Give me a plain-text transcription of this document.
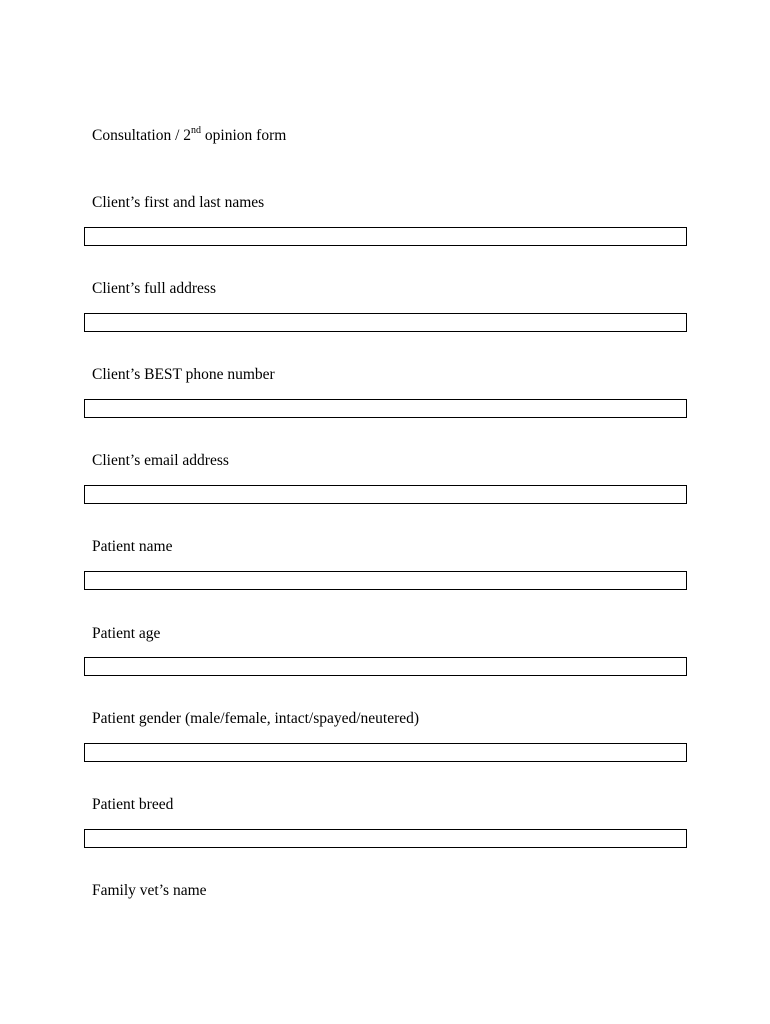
Consultation / 2nd opinion form
Client’s first and last names
Client’s full address
Client’s BEST phone number
Client’s email address
Patient name
Patient age
Patient gender (male/female, intact/spayed/neutered)
Patient breed
Family vet’s name
